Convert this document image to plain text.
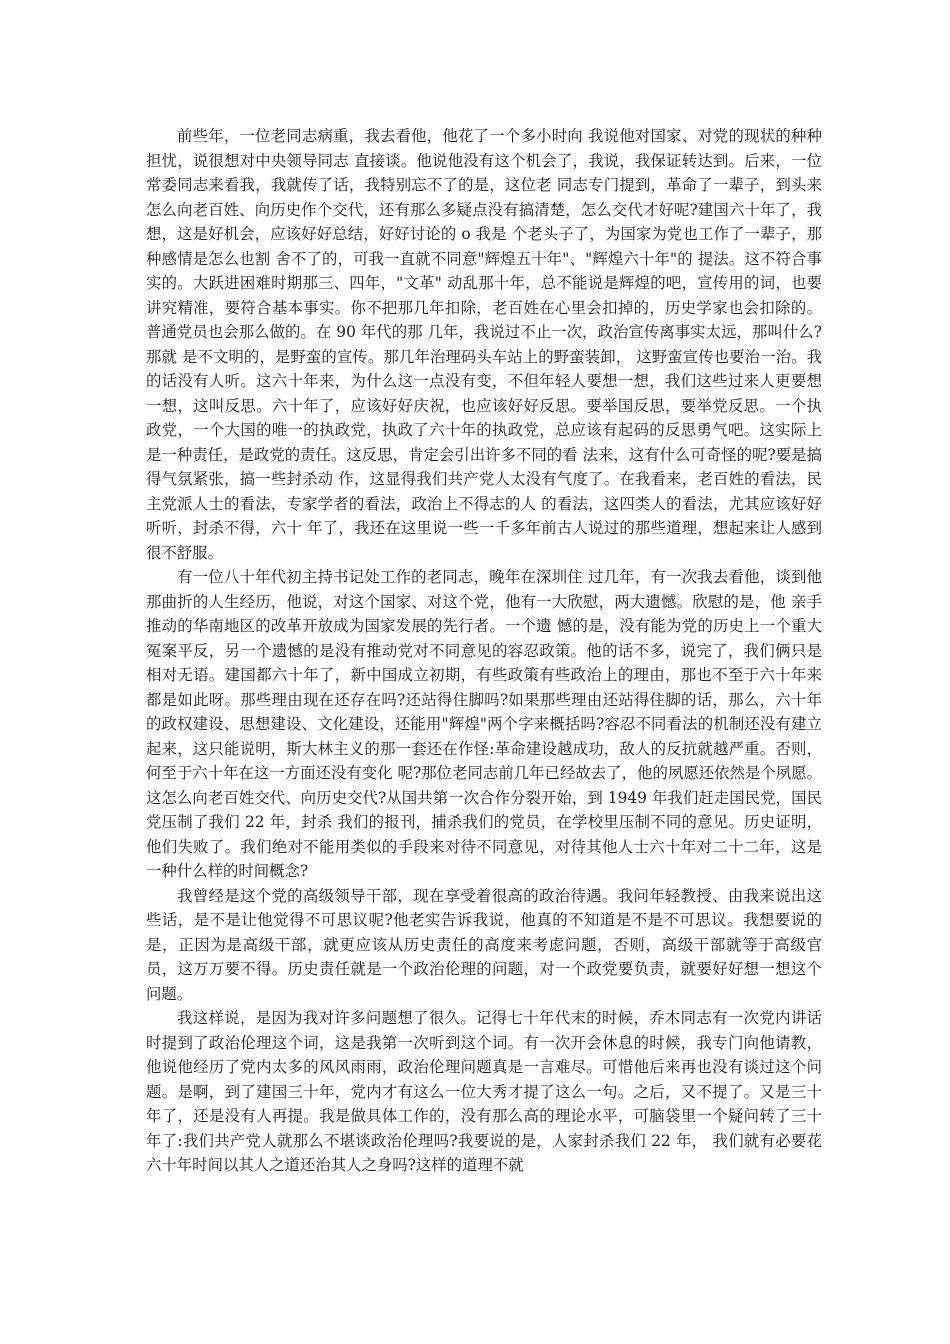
前些年，一位老同志病重，我去看他，他花了一个多小时向 我说他对国家、对党的现状的种种担忧，说很想对中央领导同志 直接谈。他说他没有这个机会了，我说，我保证转达到。后来，一位常委同志来看我，我就传了话，我特别忘不了的是，这位老 同志专门提到，革命了一辈子，到头来怎么向老百姓、向历史作个交代，还有那么多疑点没有搞清楚，怎么交代才好呢?建国六十年了，我想，这是好机会，应该好好总结，好好讨论的 o 我是 个老头子了，为国家为党也工作了一辈子，那种感情是怎么也割 舍不了的，可我一直就不同意"辉煌五十年"、"辉煌六十年"的 提法。这不符合事实的。大跃进困难时期那三、四年，"文革" 动乱那十年，总不能说是辉煌的吧，宣传用的词，也要讲究精准，要符合基本事实。你不把那几年扣除，老百姓在心里会扣掉的，历史学家也会扣除的。普通党员也会那么做的。在 90 年代的那 几年，我说过不止一次，政治宣传离事实太远，那叫什么?那就 是不文明的，是野蛮的宣传。那几年治理码头车站上的野蛮装卸， 这野蛮宣传也要治一治。我的话没有人听。这六十年来，为什么这一点没有变，不但年轻人要想一想，我们这些过来人更要想一想，这叫反思。六十年了，应该好好庆祝，也应该好好反思。要举国反思，要举党反思。一个执政党，一个大国的唯一的执政党，执政了六十年的执政党，总应该有起码的反思勇气吧。这实际上 是一种责任，是政党的责任。这反思，肯定会引出许多不同的看 法来，这有什么可奇怪的呢?要是搞得气氛紧张，搞一些封杀动 作，这显得我们共产党人太没有气度了。在我看来，老百姓的看法，民主党派人士的看法，专家学者的看法，政治上不得志的人 的看法，这四类人的看法，尤其应该好好听听，封杀不得，六十 年了，我还在这里说一些一千多年前古人说过的那些道理，想起来让人感到很不舒服。

有一位八十年代初主持书记处工作的老同志，晚年在深圳住 过几年，有一次我去看他，谈到他那曲折的人生经历，他说，对这个国家、对这个党，他有一大欣慰，两大遗憾。欣慰的是，他 亲手推动的华南地区的改革开放成为国家发展的先行者。一个遗 憾的是，没有能为党的历史上一个重大冤案平反，另一个遗憾的是没有推动党对不同意见的容忍政策。他的话不多，说完了，我们俩只是相对无语。建国都六十年了，新中国成立初期，有些政策有些政治上的理由，那也不至于六十年来都是如此呀。那些理由现在还存在吗?还站得住脚吗?如果那些理由还站得住脚的话，那么，六十年的政权建设、思想建设、文化建设，还能用"辉煌"两个字来概括吗?容忍不同看法的机制还没有建立起来，这只能说明，斯大林主义的那一套还在作怪:革命建设越成功，敌人的反抗就越严重。否则，何至于六十年在这一方面还没有变化 呢?那位老同志前几年已经故去了，他的夙愿还依然是个夙愿。这怎么向老百姓交代、向历史交代?从国共第一次合作分裂开始，到 1949 年我们赶走国民党，国民党压制了我们 22 年，封杀 我们的报刊，捕杀我们的党员，在学校里压制不同的意见。历史证明，他们失败了。我们绝对不能用类似的手段来对待不同意见，对待其他人士六十年对二十二年，这是一种什么样的时间概念?

我曾经是这个党的高级领导干部，现在享受着很高的政治待遇。我问年轻教授、由我来说出这些话，是不是让他觉得不可思议呢?他老实告诉我说，他真的不知道是不是不可思议。我想要说的是，正因为是高级干部，就更应该从历史责任的高度来考虑问题，否则，高级干部就等于高级官员，这万万要不得。历史责任就是一个政治伦理的问题，对一个政党要负责，就要好好想一想这个问题。

我这样说，是因为我对许多问题想了很久。记得七十年代末的时候，乔木同志有一次党内讲话时提到了政治伦理这个词，这是我第一次听到这个词。有一次开会休息的时候，我专门向他请教，他说他经历了党内太多的风风雨雨，政治伦理问题真是一言难尽。可惜他后来再也没有谈过这个问题。是啊，到了建国三十年，党内才有这么一位大秀才提了这么一句。之后，又不提了。又是三十年了，还是没有人再提。我是做具体工作的，没有那么高的理论水平，可脑袋里一个疑问转了三十年了:我们共产党人就那么不堪谈政治伦理吗?我要说的是，人家封杀我们 22 年， 我们就有必要花六十年时间以其人之道还治其人之身吗?这样的道理不就
